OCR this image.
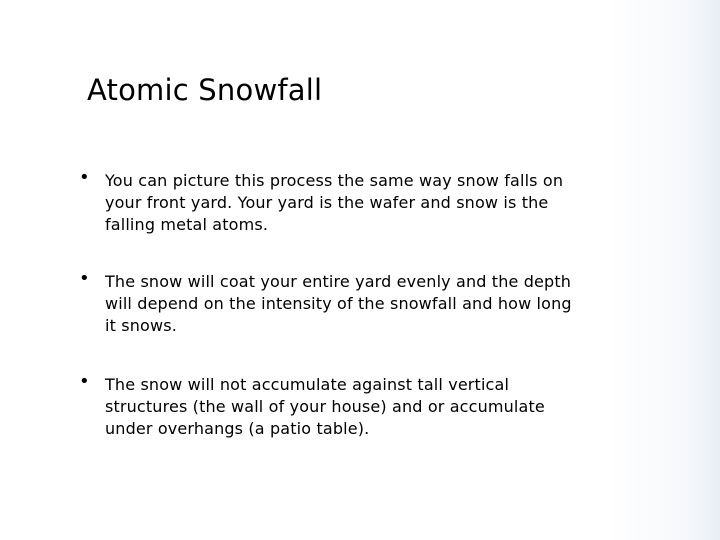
Atomic Snowfall
• You can picture this process the same way snow falls on your front yard. Your yard is the wafer and snow is the falling metal atoms.

• The snow will coat your entire yard evenly and the depth will depend on the intensity of the snowfall and how long it snows.

• The snow will not accumulate against tall vertical structures (the wall of your house) and or accumulate under overhangs (a patio table).
